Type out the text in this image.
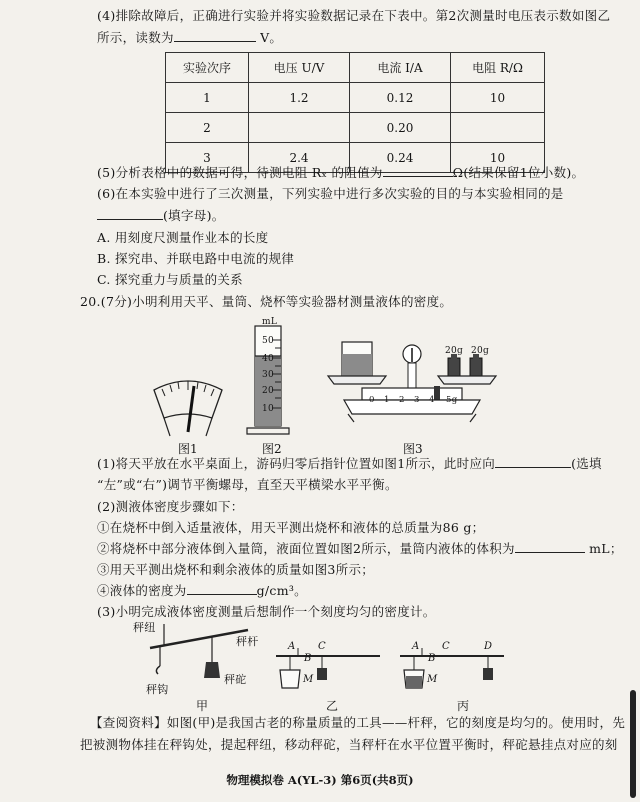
(4)排除故障后，正确进行实验并将实验数据记录在下表中。第2次测量时电压表示数如图乙
所示，读数为	V。
实验次序	电压 U/V	电流 I/A	电阻 R/Ω
1	1.2	0.12	10
2		0.20	
3	2.4	0.24	10
(5)分析表格中的数据可得，待测电阻 Rₓ 的阻值为	Ω(结果保留1位小数)。
(6)在本实验中进行了三次测量，下列实验中进行多次实验的目的与本实验相同的是
(填字母)。
A. 用刻度尺测量作业本的长度
B. 探究串、并联电路中电流的规律
C. 探究重力与质量的关系
20.(7分)小明利用天平、量筒、烧杯等实验器材测量液体的密度。
图1
mL
50
40
30
20
10
图2
20g 20g
0 1 2 3 4 5g
图3
(1)将天平放在水平桌面上，游码归零后指针位置如图1所示，此时应向	(选填
“左”或“右”)调节平衡螺母，直至天平横梁水平平衡。
(2)测液体密度步骤如下：
①在烧杯中倒入适量液体，用天平测出烧杯和液体的总质量为86 g；
②将烧杯中部分液体倒入量筒，液面位置如图2所示，量筒内液体的体积为	mL；
③用天平测出烧杯和剩余液体的质量如图3所示；
④液体的密度为	g/cm³。
(3)小明完成液体密度测量后想制作一个刻度均匀的密度计。
秤纽
秤杆
秤钩
秤砣
甲
A
B
C
M
乙
A
B
C	D
M
丙
【查阅资料】如图(甲)是我国古老的称量质量的工具——杆秤，它的刻度是均匀的。使用时，先
把被测物体挂在秤钩处，提起秤纽，移动秤砣，当秤杆在水平位置平衡时，秤砣悬挂点对应的刻
物理模拟卷 A(YL-3) 第6页(共8页)
